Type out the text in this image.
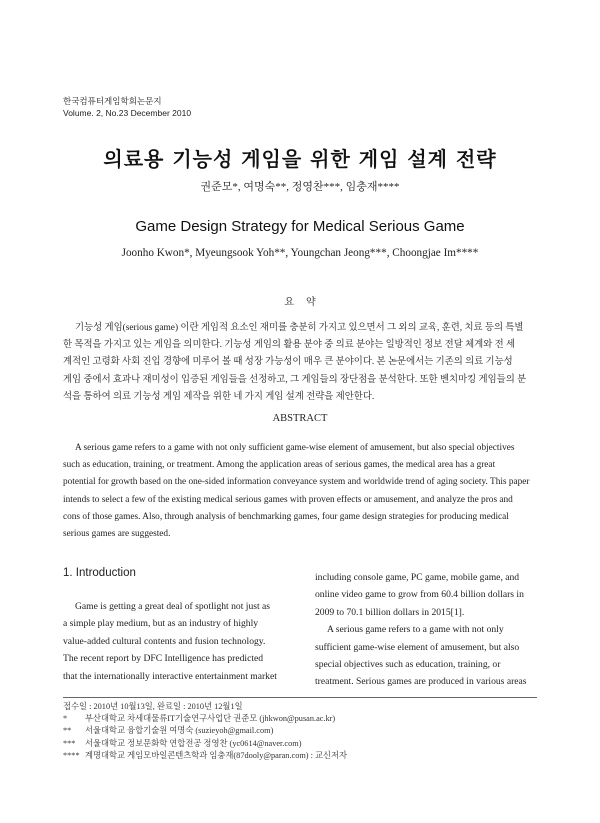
한국컴퓨터게임학회논문지
Volume. 2, No.23 December 2010
의료용 기능성 게임을 위한 게임 설계 전략
권준모*, 여명숙**, 정영찬***, 임충재****
Game Design Strategy for Medical Serious Game
Joonho Kwon*, Myeungsook Yoh**, Youngchan Jeong***, Choongjae Im****
요약
기능성 게임(serious game) 이란 게임적 요소인 재미를 충분히 가지고 있으면서 그 외의 교육, 훈련, 치료 등의 특별
한 목적을 가지고 있는 게임을 의미한다. 기능성 게임의 활용 분야 중 의료 분야는 일방적인 정보 전달 체계와 전 세
계적인 고령화 사회 진입 경향에 미루어 볼 때 성장 가능성이 매우 큰 분야이다. 본 논문에서는 기존의 의료 기능성
게임 중에서 효과나 재미성이 입증된 게임들을 선정하고, 그 게임들의 장단점을 분석한다. 또한 벤치마킹 게임들의 분
석을 통하여 의료 기능성 게임 제작을 위한 네 가지 게임 설계 전략을 제안한다.
ABSTRACT
A serious game refers to a game with not only sufficient game-wise element of amusement, but also special objectives
such as education, training, or treatment. Among the application areas of serious games, the medical area has a great
potential for growth based on the one-sided information conveyance system and worldwide trend of aging society. This paper
intends to select a few of the existing medical serious games with proven effects or amusement, and analyze the pros and
cons of those games. Also, through analysis of benchmarking games, four game design strategies for producing medical
serious games are suggested.
1. Introduction
Game is getting a great deal of spotlight not just as
a simple play medium, but as an industry of highly
value-added cultural contents and fusion technology.
The recent report by DFC Intelligence has predicted
that the internationally interactive entertainment market
including console game, PC game, mobile game, and
online video game to grow from 60.4 billion dollars in
2009 to 70.1 billion dollars in 2015[1].
A serious game refers to a game with not only
sufficient game-wise element of amusement, but also
special objectives such as education, training, or
treatment. Serious games are produced in various areas
접수일 : 2010년 10월13일, 완료일 : 2010년 12월1일
* 부산대학교 차세대물류IT기술연구사업단 권준모 (jhkwon@pusan.ac.kr)
** 서울대학교 융합기술원 여명숙 (suzieyoh@gmail.com)
*** 서울대학교 정보문화학 연합전공 정영찬 (yc0614@naver.com)
**** 계명대학교 게임모바일콘텐츠학과 임충재(87dooly@paran.com) : 교신저자
